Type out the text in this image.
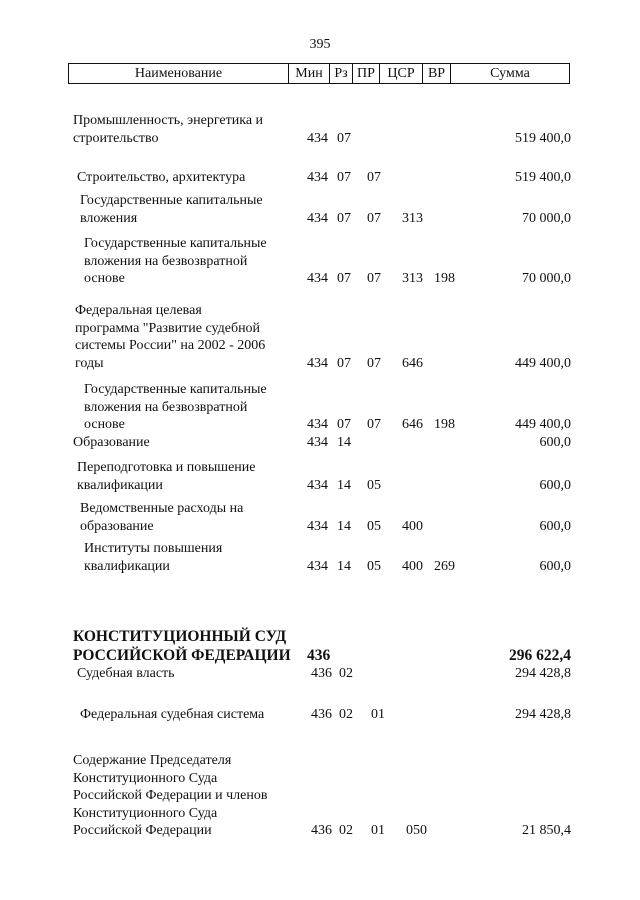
395
Наименование	Мин Рз ПР ЦСР ВР	Сумма
Промышленность, энергетика и
строительство	434 07	519 400,0
Строительство, архитектура	434 07 07	519 400,0
Государственные капитальные
вложения	434 07 07 313	70 000,0
Государственные капитальные
вложения на безвозвратной
основе	434 07 07 313 198	70 000,0
Федеральная целевая
программа "Развитие судебной
системы России" на 2002 - 2006
годы	434 07 07 646	449 400,0
Государственные капитальные
вложения на безвозвратной
основе	434 07 07 646 198	449 400,0
Образование	434 14	600,0
Переподготовка и повышение
квалификации	434 14 05	600,0
Ведомственные расходы на
образование	434 14 05 400	600,0
Институты повышения
квалификации	434 14 05 400 269	600,0
КОНСТИТУЦИОННЫЙ СУД
РОССИЙСКОЙ ФЕДЕРАЦИИ 436	296 622,4
Судебная власть	436 02	294 428,8
Федеральная судебная система	436 02 01	294 428,8
Содержание Председателя
Конституционного Суда
Российской Федерации и членов
Конституционного Суда
Российской Федерации	436 02 01 050	21 850,4
